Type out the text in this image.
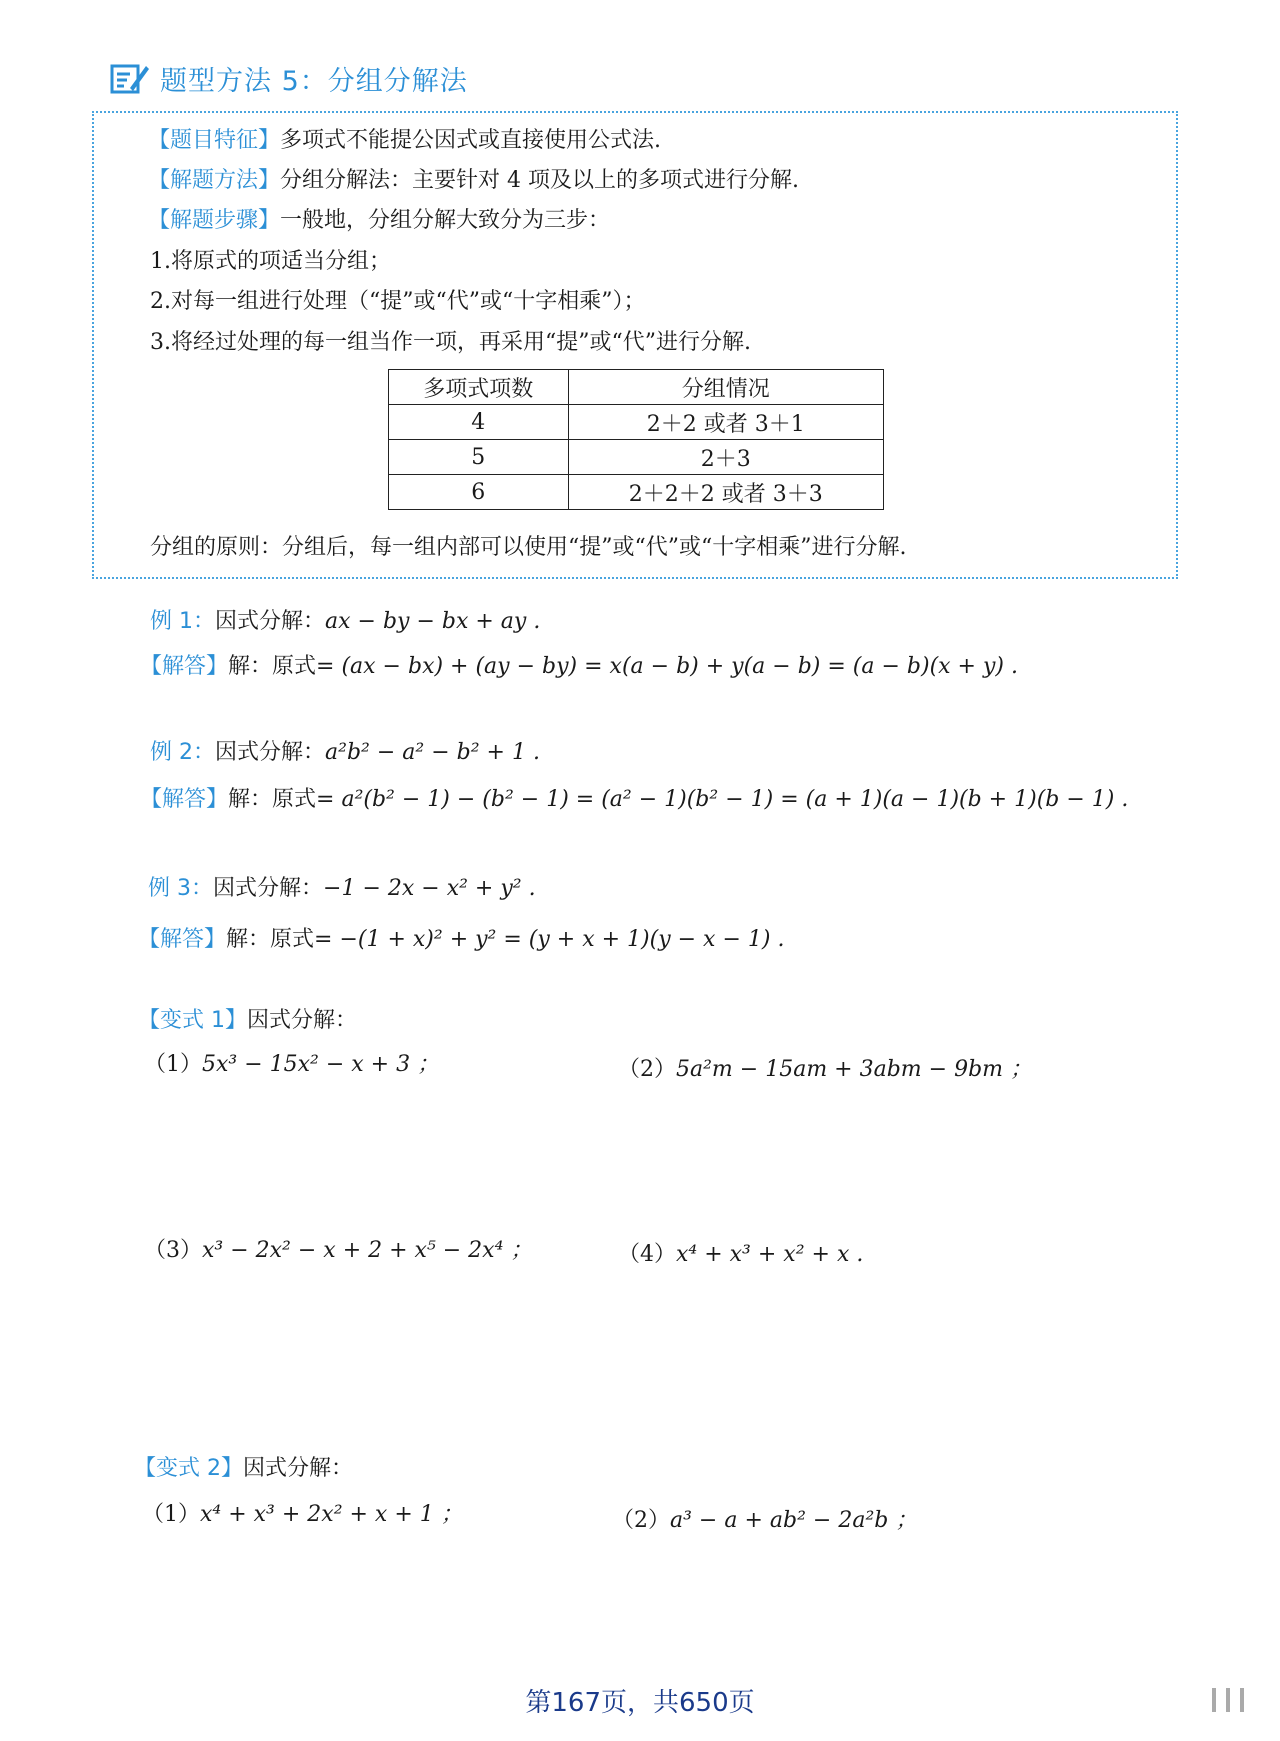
题型方法 5：分组分解法
【题目特征】多项式不能提公因式或直接使用公式法.
【解题方法】分组分解法：主要针对 4 项及以上的多项式进行分解.
【解题步骤】一般地，分组分解大致分为三步：
1.将原式的项适当分组；
2.对每一组进行处理（“提”或“代”或“十字相乘”）；
3.将经过处理的每一组当作一项，再采用“提”或“代”进行分解.
多项式项数	分组情况
4	2＋2 或者 3＋1
5	2＋3
6	2＋2＋2 或者 3＋3
分组的原则：分组后，每一组内部可以使用“提”或“代”或“十字相乘”进行分解.
例 1：因式分解：ax − by − bx + ay .
【解答】解：原式= (ax − bx) + (ay − by) = x(a − b) + y(a − b) = (a − b)(x + y) .
例 2：因式分解：a²b² − a² − b² + 1 .
【解答】解：原式= a²(b² − 1) − (b² − 1) = (a² − 1)(b² − 1) = (a + 1)(a − 1)(b + 1)(b − 1) .
例 3：因式分解：−1 − 2x − x² + y² .
【解答】解：原式= −(1 + x)² + y² = (y + x + 1)(y − x − 1) .
【变式 1】因式分解：
（1）5x³ − 15x² − x + 3 ；	（2）5a²m − 15am + 3abm − 9bm ；
（3）x³ − 2x² − x + 2 + x⁵ − 2x⁴ ；	（4）x⁴ + x³ + x² + x .
【变式 2】因式分解：
（1）x⁴ + x³ + 2x² + x + 1 ；	（2）a³ − a + ab² − 2a²b ；
第167页，共650页
